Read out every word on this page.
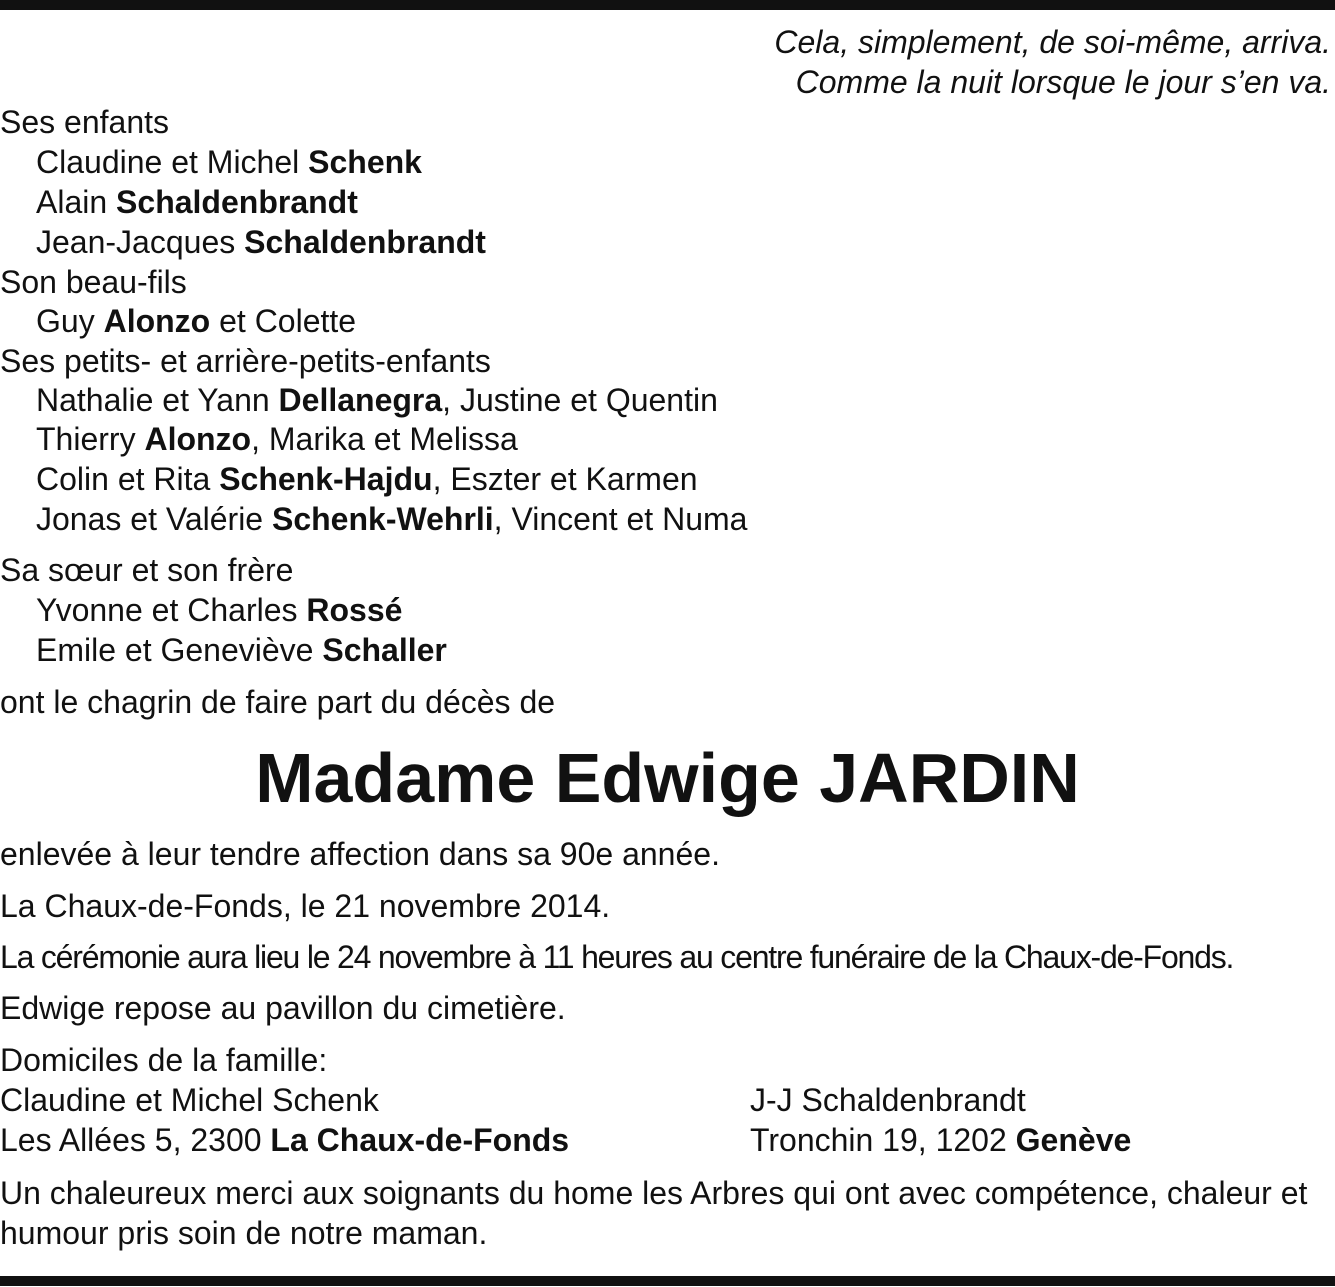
Cela, simplement, de soi-même, arriva.
Comme la nuit lorsque le jour s’en va.
Ses enfants
Claudine et Michel Schenk
Alain Schaldenbrandt
Jean-Jacques Schaldenbrandt
Son beau-fils
Guy Alonzo et Colette
Ses petits- et arrière-petits-enfants
Nathalie et Yann Dellanegra, Justine et Quentin
Thierry Alonzo, Marika et Melissa
Colin et Rita Schenk-Hajdu, Eszter et Karmen
Jonas et Valérie Schenk-Wehrli, Vincent et Numa
Sa sœur et son frère
Yvonne et Charles Rossé
Emile et Geneviève Schaller
ont le chagrin de faire part du décès de
Madame Edwige JARDIN
enlevée à leur tendre affection dans sa 90e année.
La Chaux-de-Fonds, le 21 novembre 2014.
La cérémonie aura lieu le 24 novembre à 11 heures au centre funéraire de la Chaux-de-Fonds.
Edwige repose au pavillon du cimetière.
Domiciles de la famille:
Claudine et Michel Schenk
Les Allées 5, 2300 La Chaux-de-Fonds
J-J Schaldenbrandt
Tronchin 19, 1202 Genève
Un chaleureux merci aux soignants du home les Arbres qui ont avec compétence, chaleur et humour pris soin de notre maman.
